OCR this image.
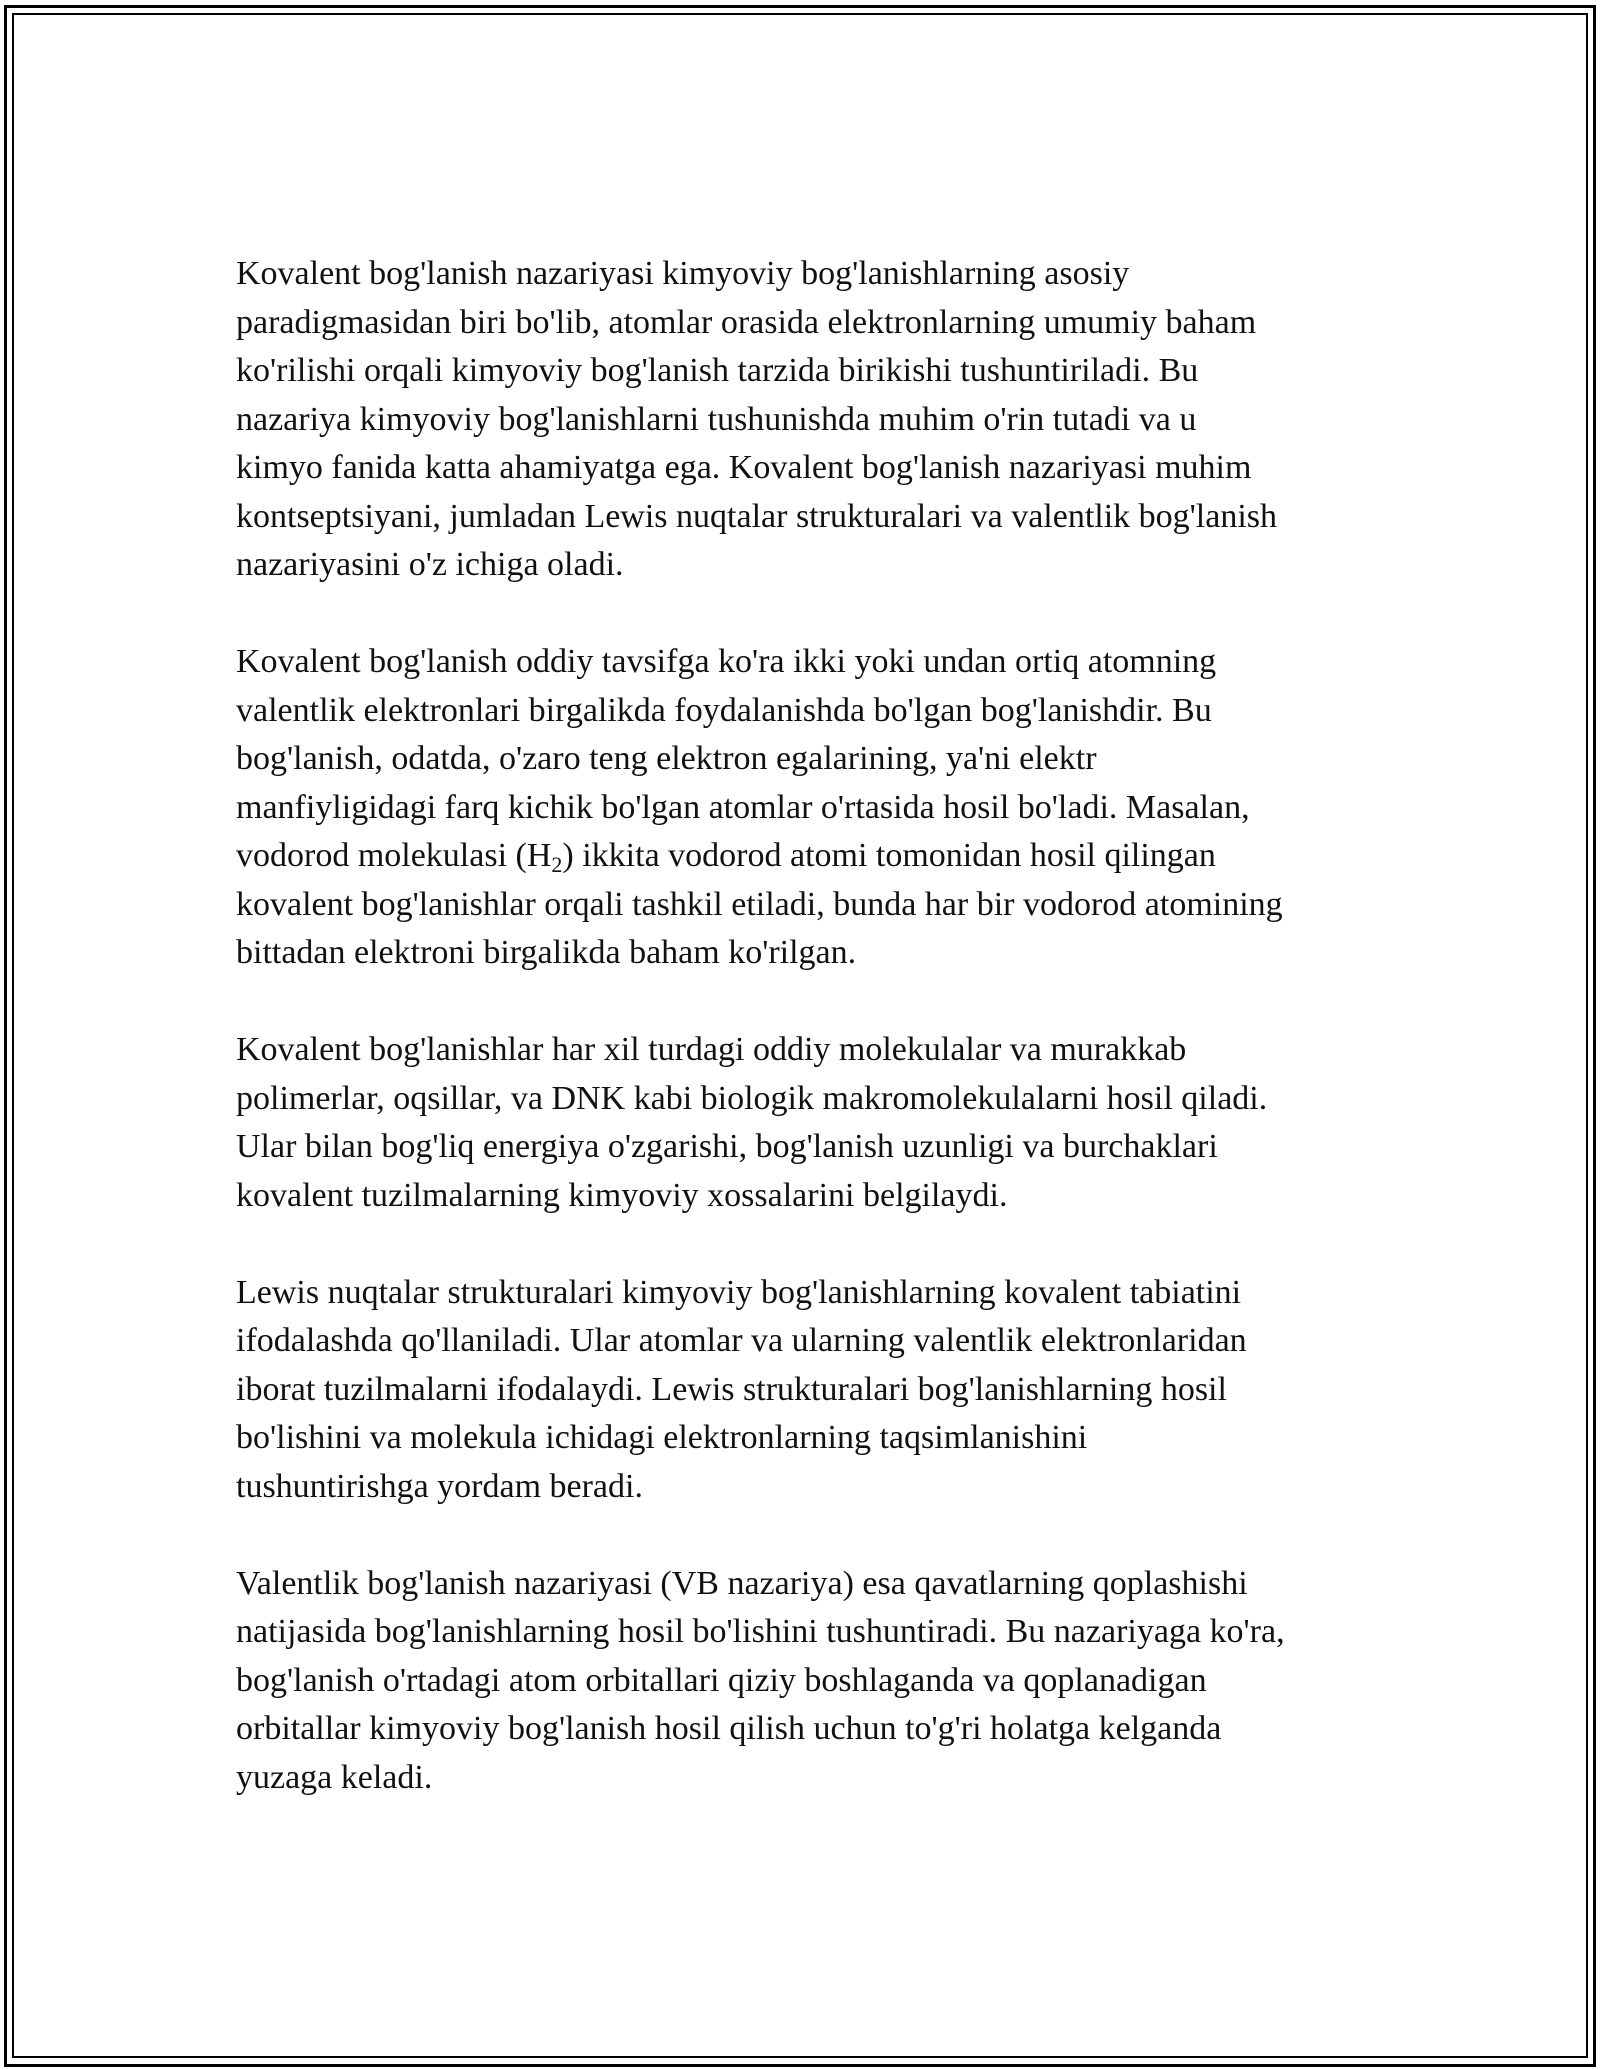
Kovalent bog'lanish nazariyasi kimyoviy bog'lanishlarning asosiy
paradigmasidan biri bo'lib, atomlar orasida elektronlarning umumiy baham
ko'rilishi orqali kimyoviy bog'lanish tarzida birikishi tushuntiriladi. Bu
nazariya kimyoviy bog'lanishlarni tushunishda muhim o'rin tutadi va u
kimyo fanida katta ahamiyatga ega. Kovalent bog'lanish nazariyasi muhim
kontseptsiyani, jumladan Lewis nuqtalar strukturalari va valentlik bog'lanish
nazariyasini o'z ichiga oladi.

Kovalent bog'lanish oddiy tavsifga ko'ra ikki yoki undan ortiq atomning
valentlik elektronlari birgalikda foydalanishda bo'lgan bog'lanishdir. Bu
bog'lanish, odatda, o'zaro teng elektron egalarining, ya'ni elektr
manfiyligidagi farq kichik bo'lgan atomlar o'rtasida hosil bo'ladi. Masalan,
vodorod molekulasi $(H_2)$ ikkita vodorod atomi tomonidan hosil qilingan
kovalent bog'lanishlar orqali tashkil etiladi, bunda har bir vodorod atomining
bittadan elektroni birgalikda baham ko'rilgan.

Kovalent bog'lanishlar har xil turdagi oddiy molekulalar va murakkab
polimerlar, oqsillar, va DNK kabi biologik makromolekulalarni hosil qiladi.
Ular bilan bog'liq energiya o'zgarishi, bog'lanish uzunligi va burchaklari
kovalent tuzilmalarning kimyoviy xossalarini belgilaydi.

Lewis nuqtalar strukturalari kimyoviy bog'lanishlarning kovalent tabiatini
ifodalashda qo'llaniladi. Ular atomlar va ularning valentlik elektronlaridan
iborat tuzilmalarni ifodalaydi. Lewis strukturalari bog'lanishlarning hosil
bo'lishini va molekula ichidagi elektronlarning taqsimlanishini
tushuntirishga yordam beradi.

Valentlik bog'lanish nazariyasi (VB nazariya) esa qavatlarning qoplashishi
natijasida bog'lanishlarning hosil bo'lishini tushuntiradi. Bu nazariyaga ko'ra,
bog'lanish o'rtadagi atom orbitallari qiziy boshlaganda va qoplanadigan
orbitallar kimyoviy bog'lanish hosil qilish uchun to'g'ri holatga kelganda
yuzaga keladi.
